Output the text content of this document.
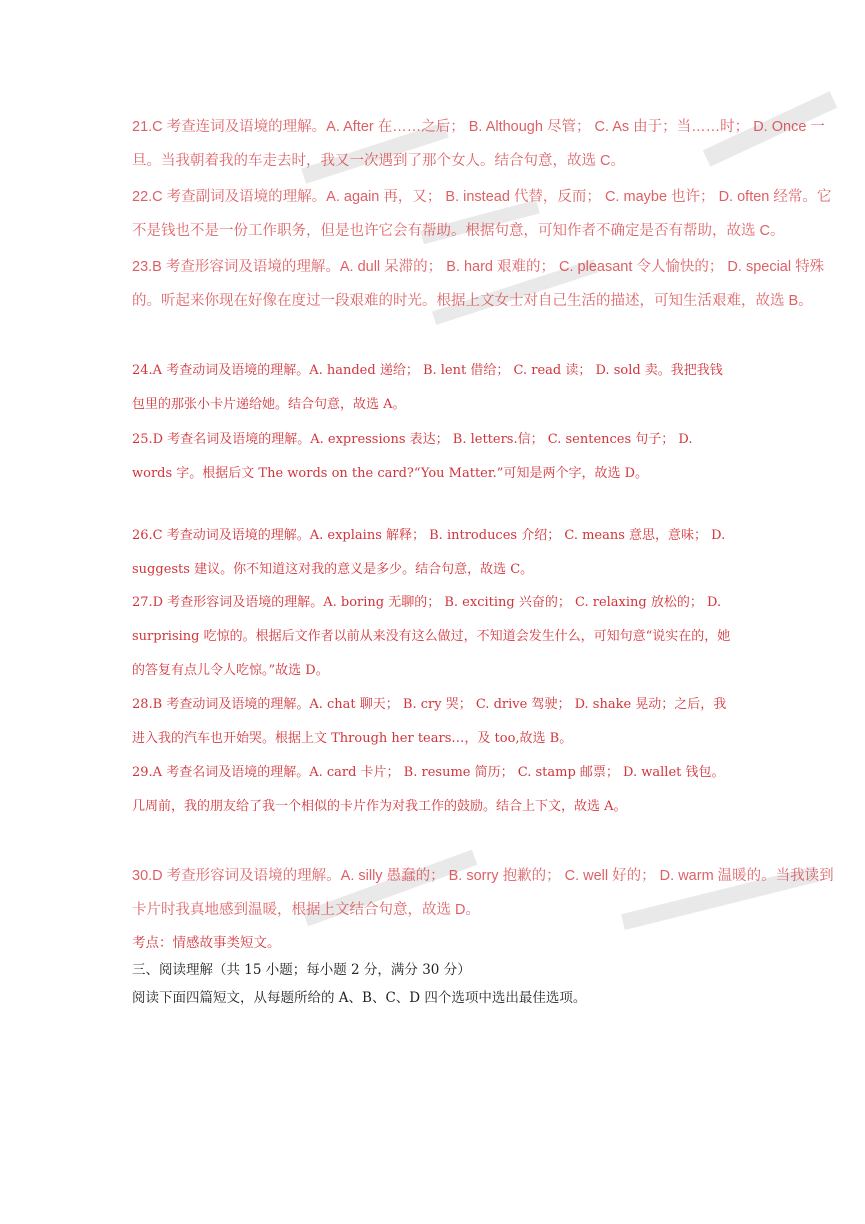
21.C 考查连词及语境的理解。A. After 在……之后； B. Although 尽管； C. As 由于；当……时； D. Once 一旦。当我朝着我的车走去时，我又一次遇到了那个女人。结合句意，故选 C。

22.C 考查副词及语境的理解。A. again 再，又； B. instead 代替，反而； C. maybe 也许； D. often 经常。它不是钱也不是一份工作职务，但是也许它会有帮助。根据句意，可知作者不确定是否有帮助，故选 C。

23.B 考查形容词及语境的理解。A. dull 呆滞的； B. hard 艰难的； C. pleasant 令人愉快的； D. special 特殊的。听起来你现在好像在度过一段艰难的时光。根据上文女士对自己生活的描述，可知生活艰难，故选 B。

24.A 考查动词及语境的理解。A. handed 递给； B. lent 借给； C. read 读； D. sold 卖。我把我钱包里的那张小卡片递给她。结合句意，故选 A。

25.D 考查名词及语境的理解。A. expressions 表达； B. letters.信； C. sentences 句子； D. words 字。根据后文 The words on the card?“You Matter.”可知是两个字，故选 D。

26.C 考查动词及语境的理解。A. explains 解释； B. introduces 介绍； C. means 意思，意味； D. suggests 建议。你不知道这对我的意义是多少。结合句意，故选 C。

27.D 考查形容词及语境的理解。A. boring 无聊的； B. exciting 兴奋的； C. relaxing 放松的； D. surprising 吃惊的。根据后文作者以前从来没有这么做过，不知道会发生什么，可知句意“说实在的，她的答复有点儿令人吃惊。”故选 D。

28.B 考查动词及语境的理解。A. chat 聊天； B. cry 哭； C. drive 驾驶； D. shake 晃动；之后，我进入我的汽车也开始哭。根据上文 Through her tears…，及 too,故选 B。

29.A 考查名词及语境的理解。A. card 卡片； B. resume 简历； C. stamp 邮票； D. wallet 钱包。几周前，我的朋友给了我一个相似的卡片作为对我工作的鼓励。结合上下文，故选 A。

30.D 考查形容词及语境的理解。A. silly 愚蠢的； B. sorry 抱歉的； C. well 好的； D. warm 温暖的。当我读到卡片时我真地感到温暖，根据上文结合句意，故选 D。

考点：情感故事类短文。

三、阅读理解（共 15 小题；每小题 2 分，满分 30 分）

阅读下面四篇短文，从每题所给的 A、B、C、D 四个选项中选出最佳选项。
